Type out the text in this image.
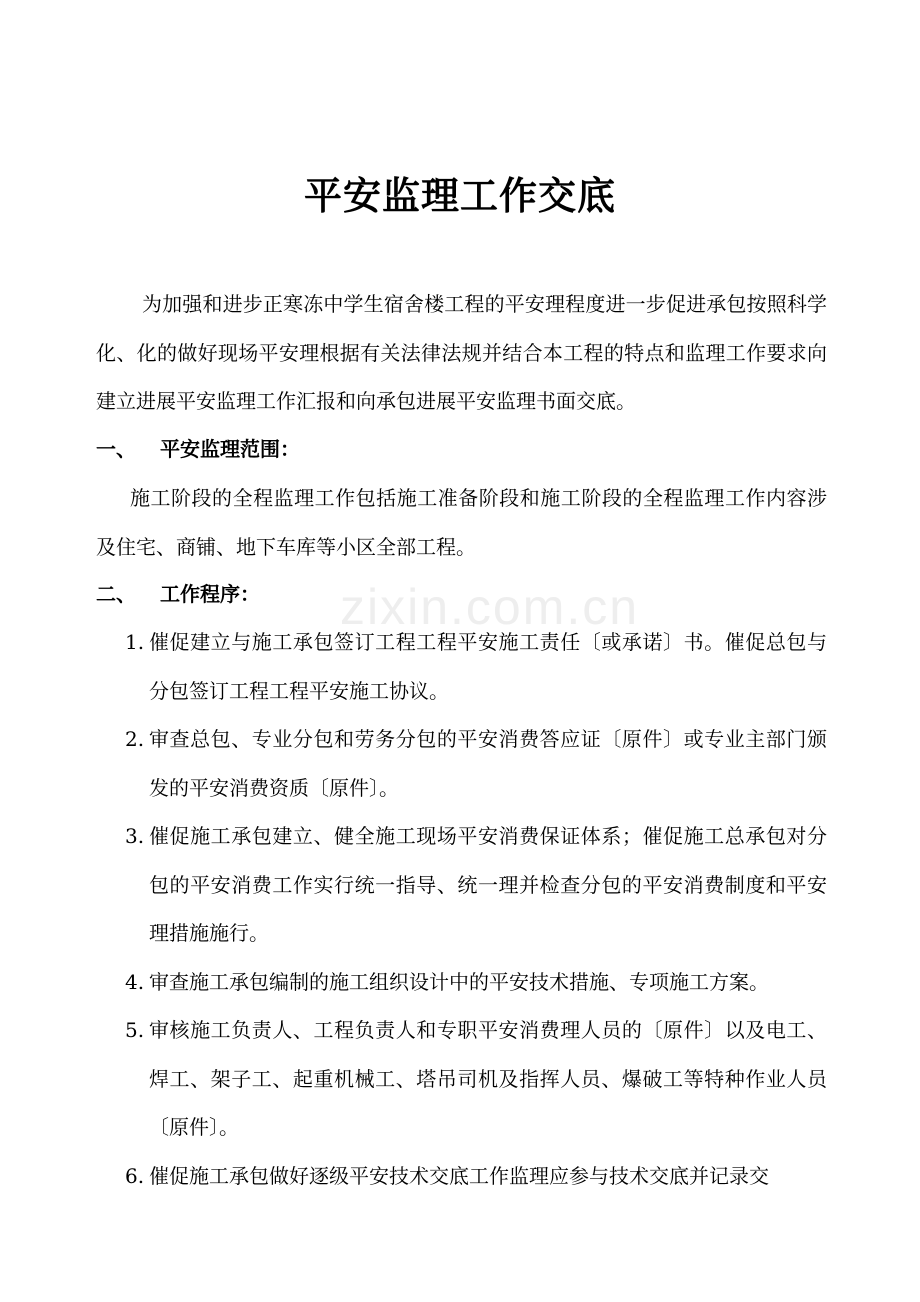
zixin.com.cn
平安监理工作交底

为加强和进步正寒冻中学生宿舍楼工程的平安理程度进一步促进承包按照科学化、化的做好现场平安理根据有关法律法规并结合本工程的特点和监理工作要求向建立进展平安监理工作汇报和向承包进展平安监理书面交底。

一、 平安监理范围：

施工阶段的全程监理工作包括施工准备阶段和施工阶段的全程监理工作内容涉及住宅、商铺、地下车库等小区全部工程。

二、 工作程序：
1. 催促建立与施工承包签订工程工程平安施工责任〔或承诺〕书。催促总包与分包签订工程工程平安施工协议。
2. 审查总包、专业分包和劳务分包的平安消费答应证〔原件〕或专业主部门颁发的平安消费资质〔原件〕。
3. 催促施工承包建立、健全施工现场平安消费保证体系；催促施工总承包对分包的平安消费工作实行统一指导、统一理并检查分包的平安消费制度和平安理措施施行。
4. 审查施工承包编制的施工组织设计中的平安技术措施、专项施工方案。
5. 审核施工负责人、工程负责人和专职平安消费理人员的〔原件〕以及电工、焊工、架子工、起重机械工、塔吊司机及指挥人员、爆破工等特种作业人员〔原件〕。
6. 催促施工承包做好逐级平安技术交底工作监理应参与技术交底并记录交
